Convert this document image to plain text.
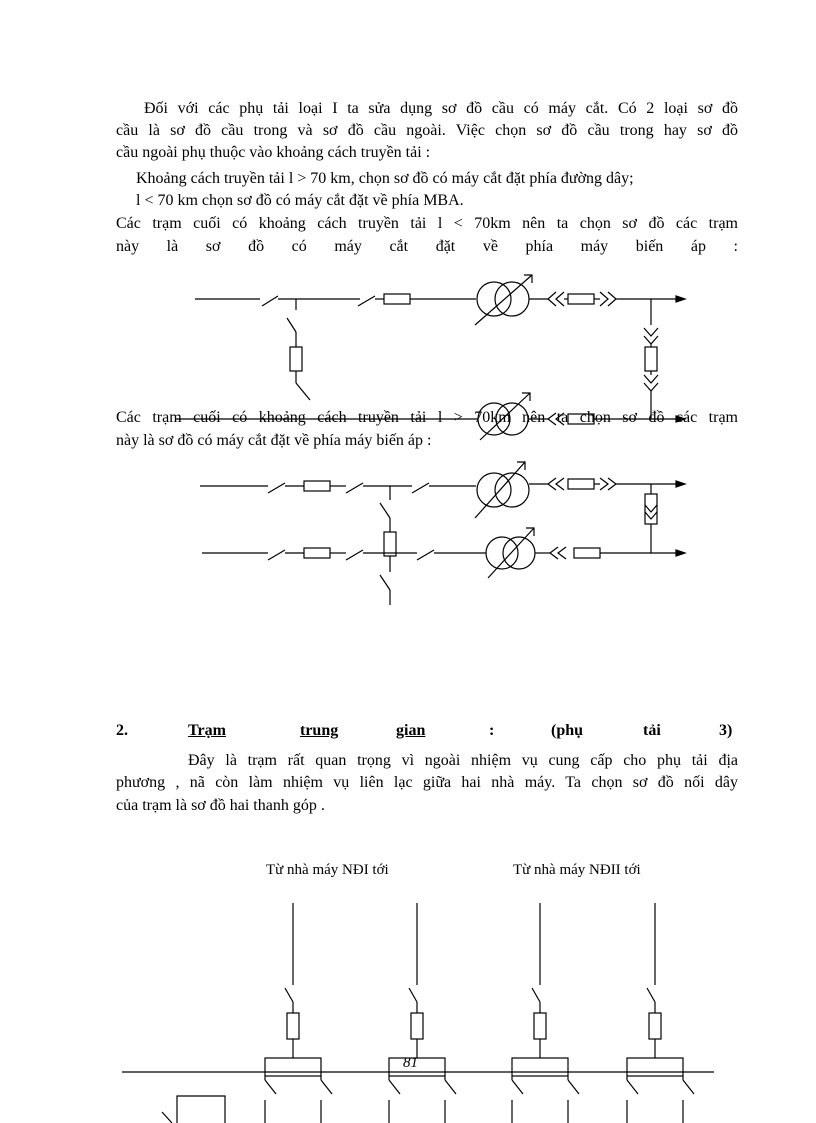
Đối với các phụ tải loại I ta sửa dụng sơ đồ cầu có máy cắt. Có 2 loại sơ đồ
cầu là sơ đồ cầu trong và sơ đồ cầu ngoài. Việc chọn sơ đồ cầu trong hay sơ đồ
cầu ngoài phụ thuộc vào khoảng cách truyền tải :
Khoảng cách truyền tải l > 70 km, chọn sơ đồ có máy cắt đặt phía đường dây;
l < 70 km chọn sơ đồ có máy cắt đặt về phía MBA.
Các trạm cuối có khoảng cách truyền tải l < 70km nên ta chọn sơ đồ các trạm
này là sơ đồ có máy cắt đặt về phía máy biến áp :
Các trạm cuối có khoảng cách truyền tải l > 70km nên ta chọn sơ đồ các trạm
này là sơ đồ có máy cắt đặt về phía máy biến áp :
2.	Trạm	trung	gian	:	(phụ	tải	3)
Đây là trạm rất quan trọng vì ngoài nhiệm vụ cung cấp cho phụ tải địa
phương , nã còn làm nhiệm vụ liên lạc giữa hai nhà máy. Ta chọn sơ đồ nối dây
của trạm là sơ đồ hai thanh góp .
Từ nhà máy NĐI tới	Từ nhà máy NĐII tới
81
